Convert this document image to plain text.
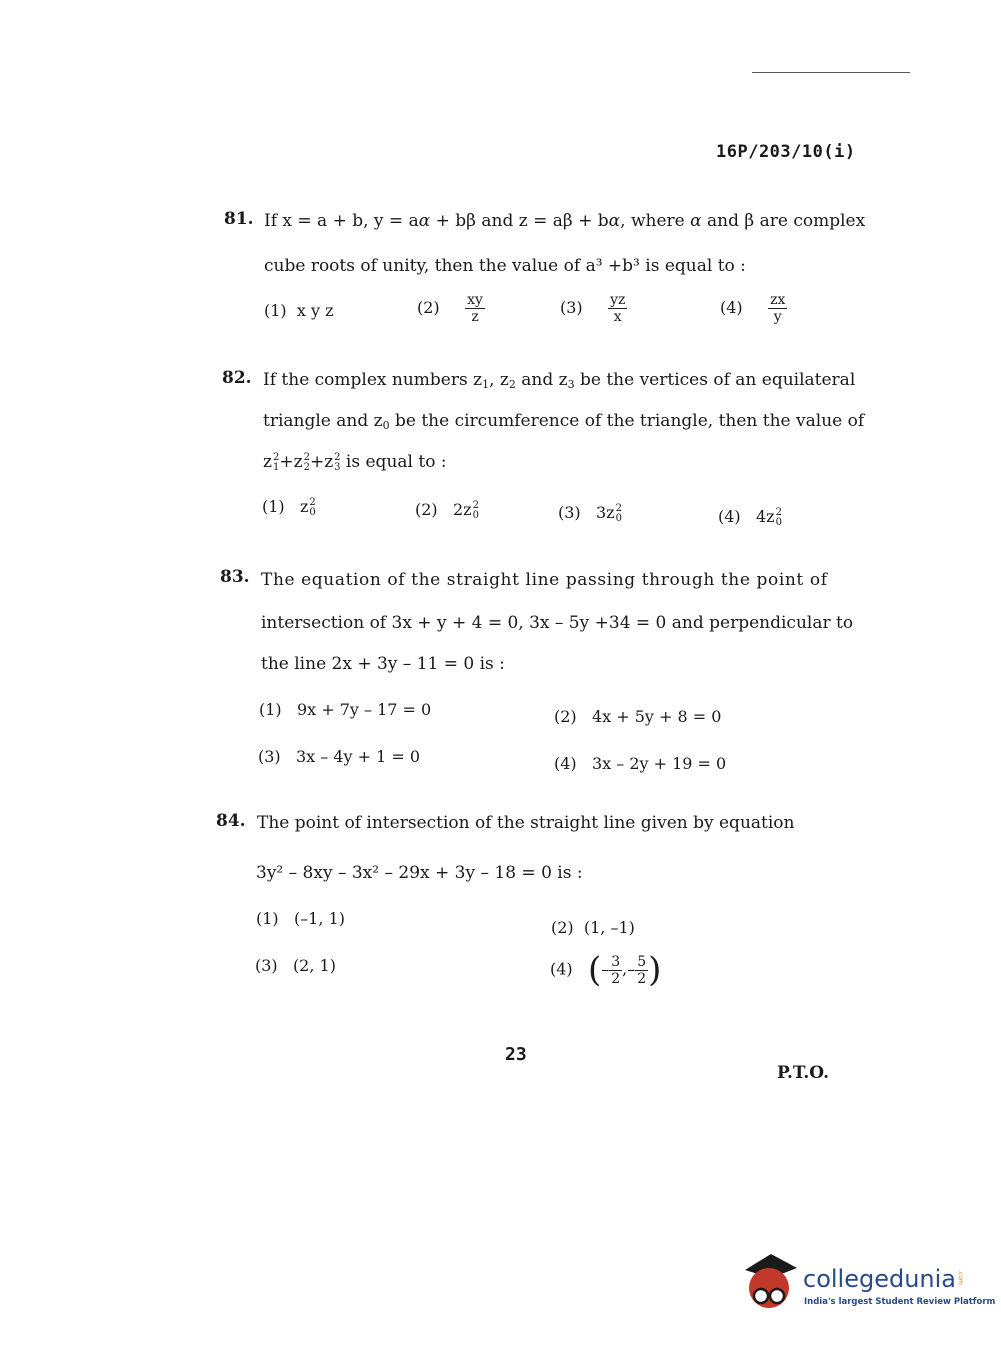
16P/203/10(i)
81. If x = a + b, y = aα + bβ and z = aβ + bα, where α and β are complex
cube roots of unity, then the value of a³ +b³ is equal to :
(1) x y z	$(2) \frac{xy}{z}$	$(3) \frac{yz}{x}$	$(4) \frac{zx}{y}$
82. If the complex numbers $z_1$, $z_2$ and $z_3$ be the vertices of an equilateral
triangle and $z_0$ be the circumference of the triangle, then the value of
z 2
1 +z 2
2 +z 2
3 is equal to :
(1) z 2
0	(2) 2z 2
0	(3) 3z 2
0	(4) 4z 2
0
83. The equation of the straight line passing through the point of
intersection of 3x + y + 4 = 0, 3x – 5y +34 = 0 and perpendicular to
the line 2x + 3y – 11 = 0 is :
(1) 9x + 7y – 17 = 0	(2) 4x + 5y + 8 = 0
(3) 3x – 4y + 1 = 0	(4) 3x – 2y + 19 = 0
84. The point of intersection of the straight line given by equation
3y² – 8xy – 3x² – 29x + 3y – 18 = 0 is :
(1) (–1, 1)	(2) (1, –1)
(3) (2, 1)	(4) (– $\frac{3}{2}$ ,– $\frac{5}{2}$ )
23
P.T.O.
collegedunia .com
India's largest Student Review Platform
